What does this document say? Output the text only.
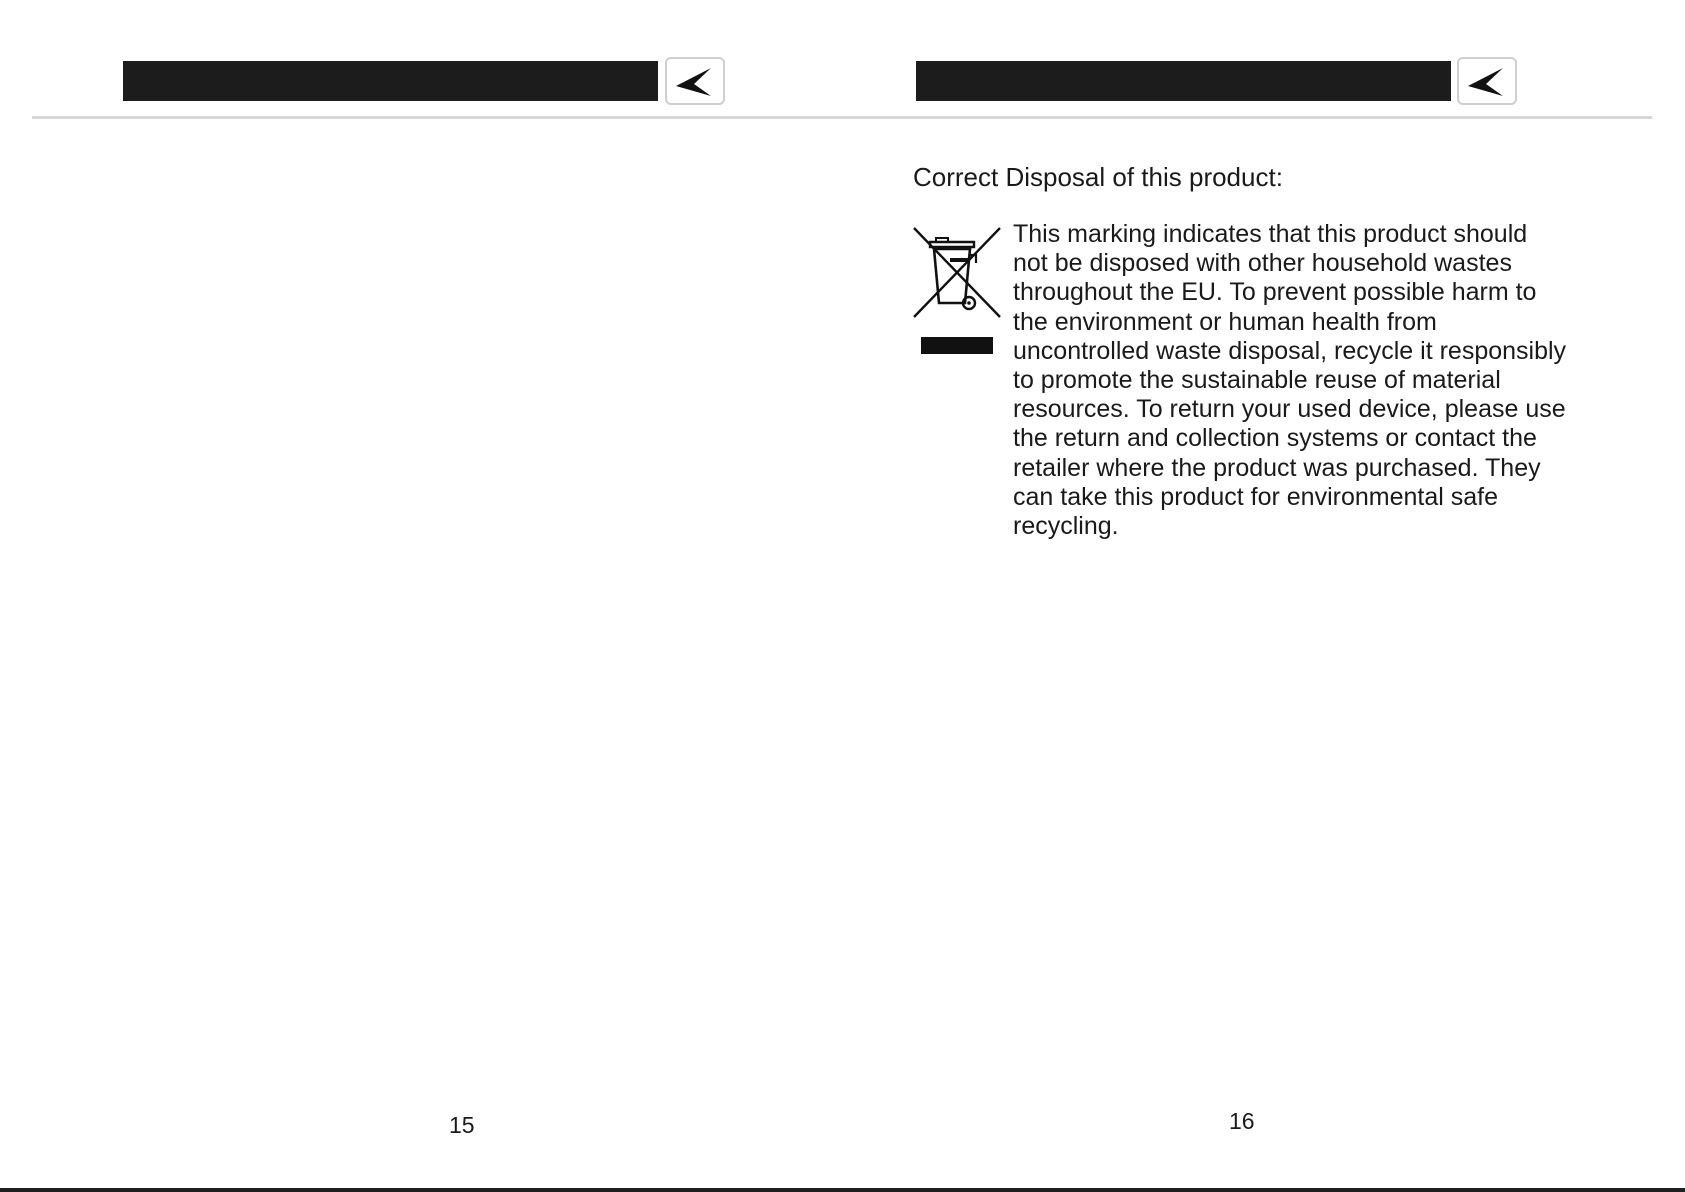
Correct Disposal of this product:
This marking indicates that this product should
not be disposed with other household wastes
throughout the EU. To prevent possible harm to
the environment or human health from
uncontrolled waste disposal, recycle it responsibly
to promote the sustainable reuse of material
resources. To return your used device, please use
the return and collection systems or contact the
retailer where the product was purchased. They
can take this product for environmental safe
recycling.
15	16
